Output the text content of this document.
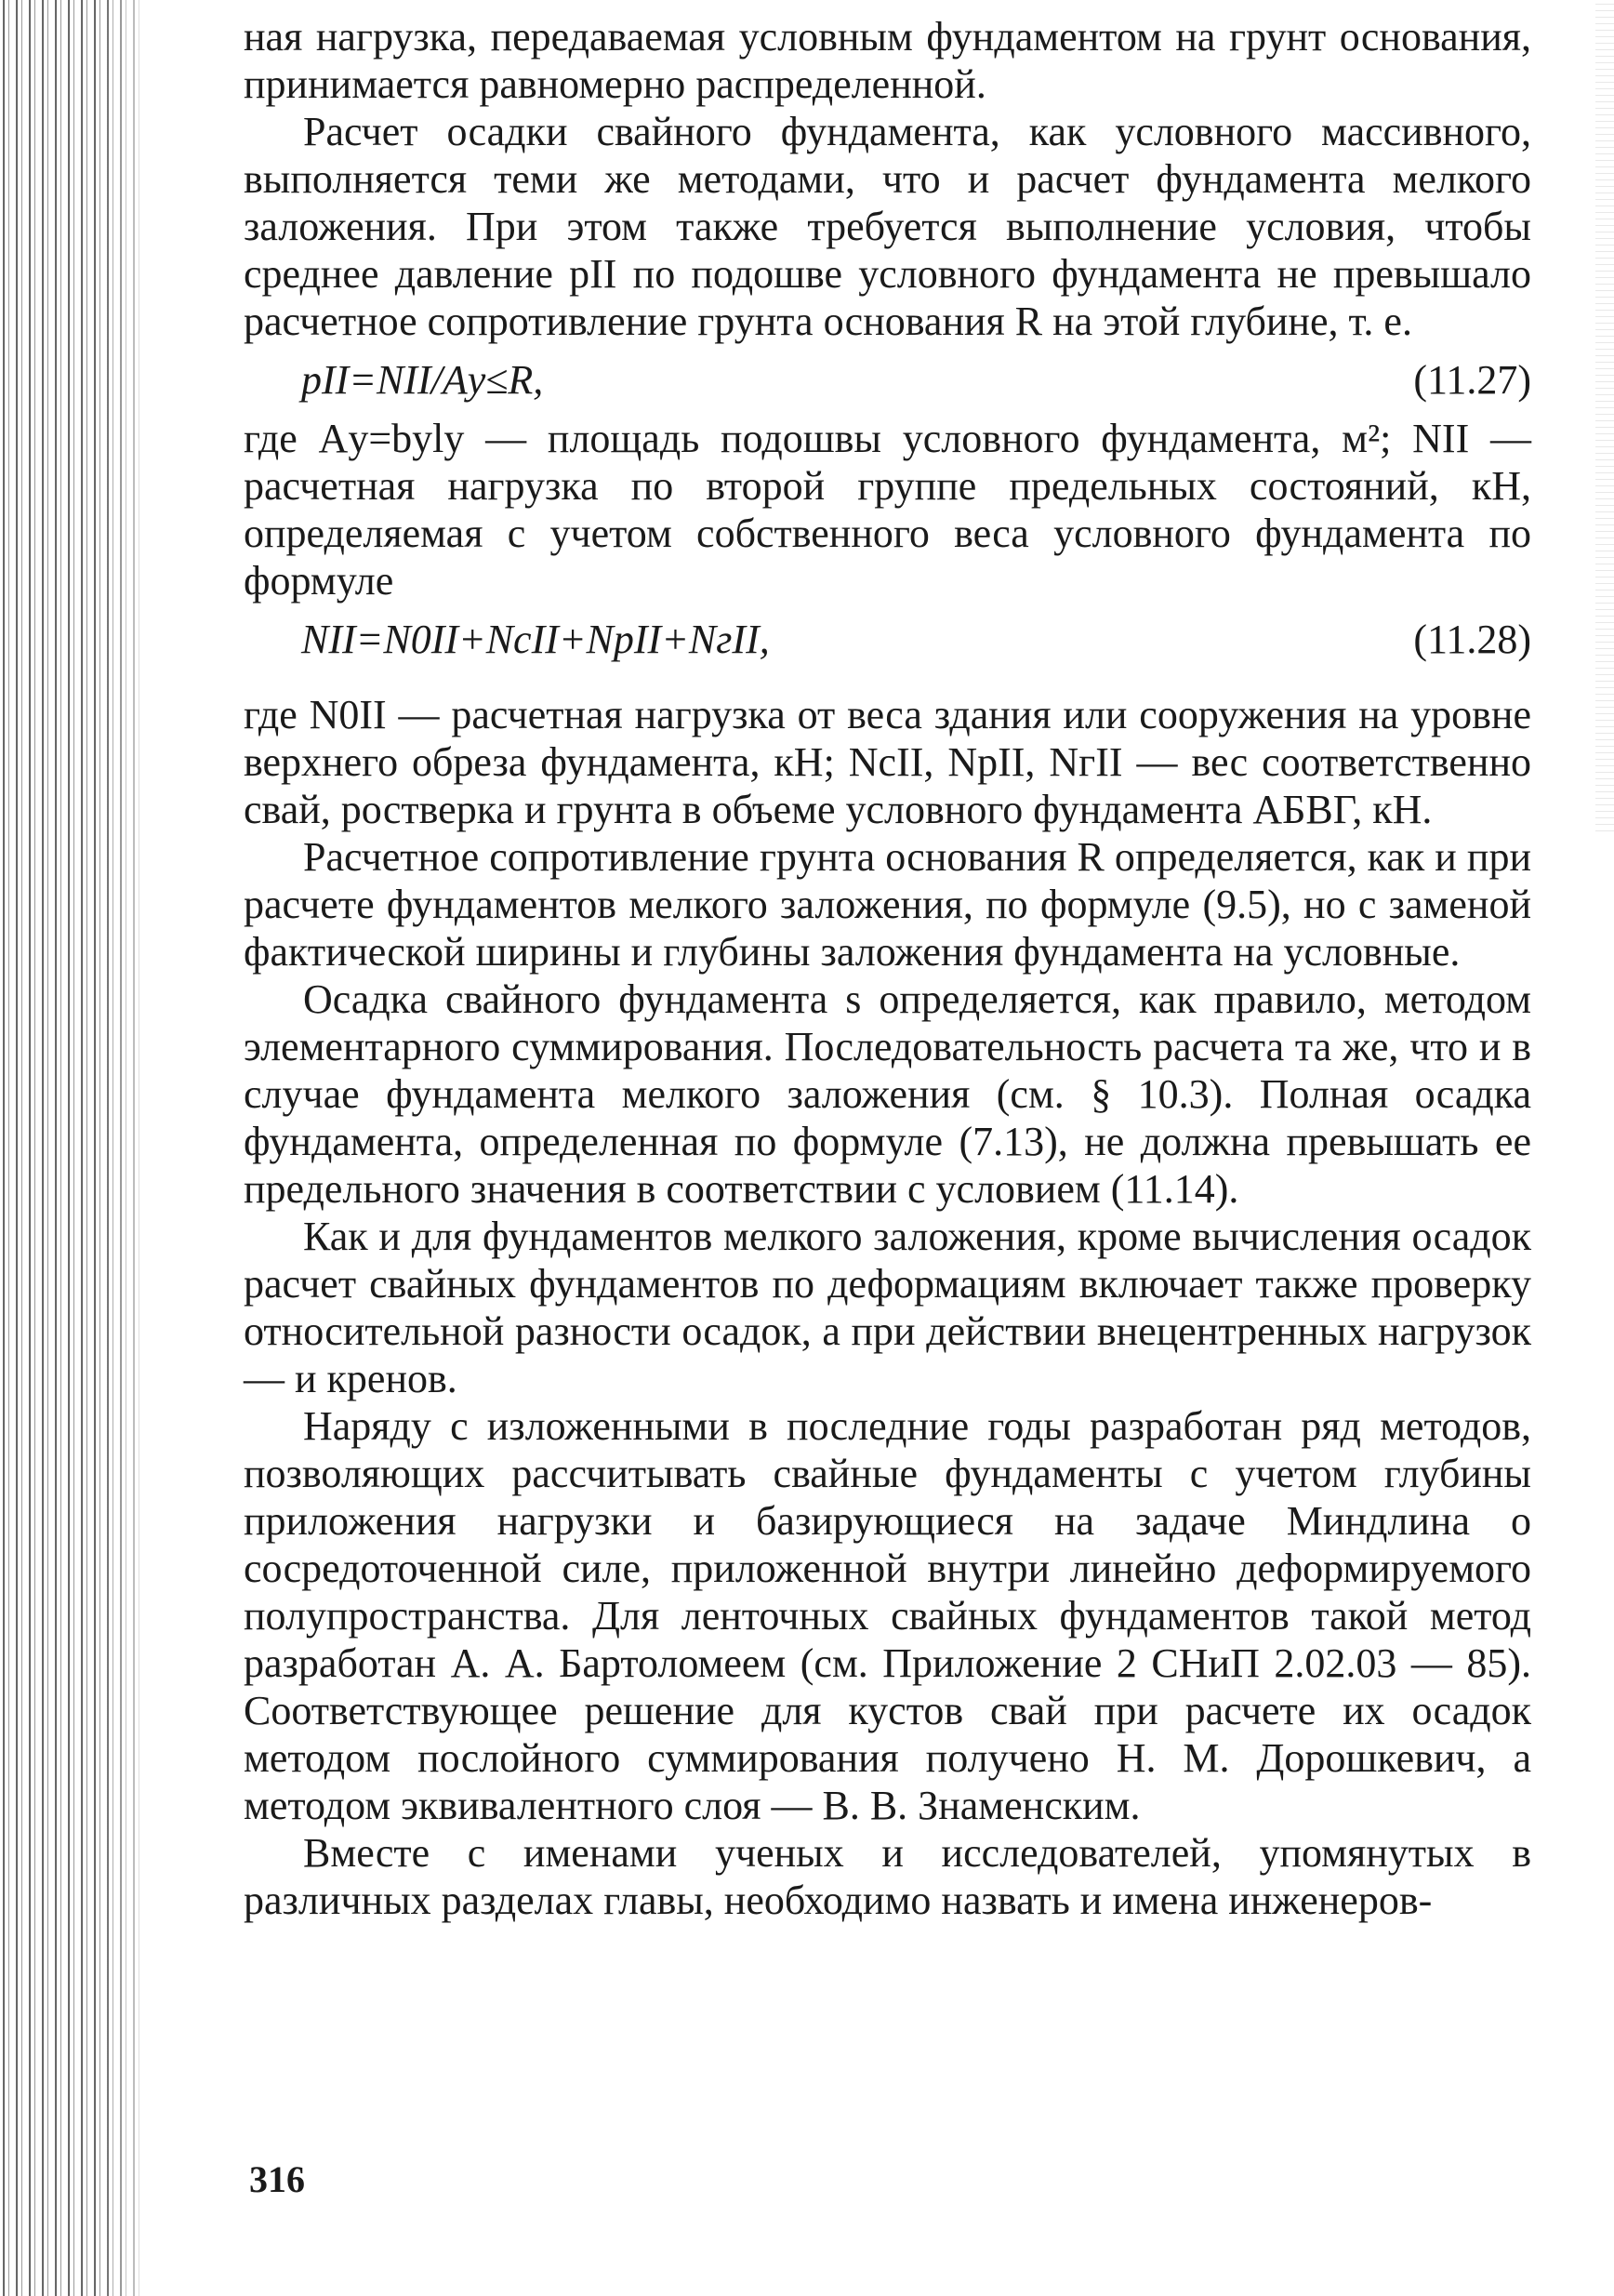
ная нагрузка, передаваемая условным фундаментом на грунт основания, принимается равномерно распределенной.

Расчет осадки свайного фундамента, как условного массивного, выполняется теми же методами, что и расчет фундамента мелкого заложения. При этом также требуется выполнение условия, чтобы среднее давление pII по подошве условного фундамента не превышало расчетное сопротивление грунта основания R на этой глубине, т. е.

pII=NII/Aу≤R,	(11.27)

где Aу=bуlу — площадь подошвы условного фундамента, м²; NII — расчетная нагрузка по второй группе предельных состояний, кН, определяемая с учетом собственного веса условного фундамента по формуле

NII=N0II+NcII+NpII+NгII,	(11.28)

где N0II — расчетная нагрузка от веса здания или сооружения на уровне верхнего обреза фундамента, кН; NcII, NpII, NгII — вес соответственно свай, ростверка и грунта в объеме условного фундамента АБВГ, кН.

Расчетное сопротивление грунта основания R определяется, как и при расчете фундаментов мелкого заложения, по формуле (9.5), но с заменой фактической ширины и глубины заложения фундамента на условные.

Осадка свайного фундамента s определяется, как правило, методом элементарного суммирования. Последовательность расчета та же, что и в случае фундамента мелкого заложения (см. § 10.3). Полная осадка фундамента, определенная по формуле (7.13), не должна превышать ее предельного значения в соответствии с условием (11.14).

Как и для фундаментов мелкого заложения, кроме вычисления осадок расчет свайных фундаментов по деформациям включает также проверку относительной разности осадок, а при действии внецентренных нагрузок — и кренов.

Наряду с изложенными в последние годы разработан ряд методов, позволяющих рассчитывать свайные фундаменты с учетом глубины приложения нагрузки и базирующиеся на задаче Миндлина о сосредоточенной силе, приложенной внутри линейно деформируемого полупространства. Для ленточных свайных фундаментов такой метод разработан А. А. Бартоломеем (см. Приложение 2 СНиП 2.02.03 — 85). Соответствующее решение для кустов свай при расчете их осадок методом послойного суммирования получено Н. М. Дорошкевич, а методом эквивалентного слоя — В. В. Знаменским.

Вместе с именами ученых и исследователей, упомянутых в различных разделах главы, необходимо назвать и имена инженеров-

316
